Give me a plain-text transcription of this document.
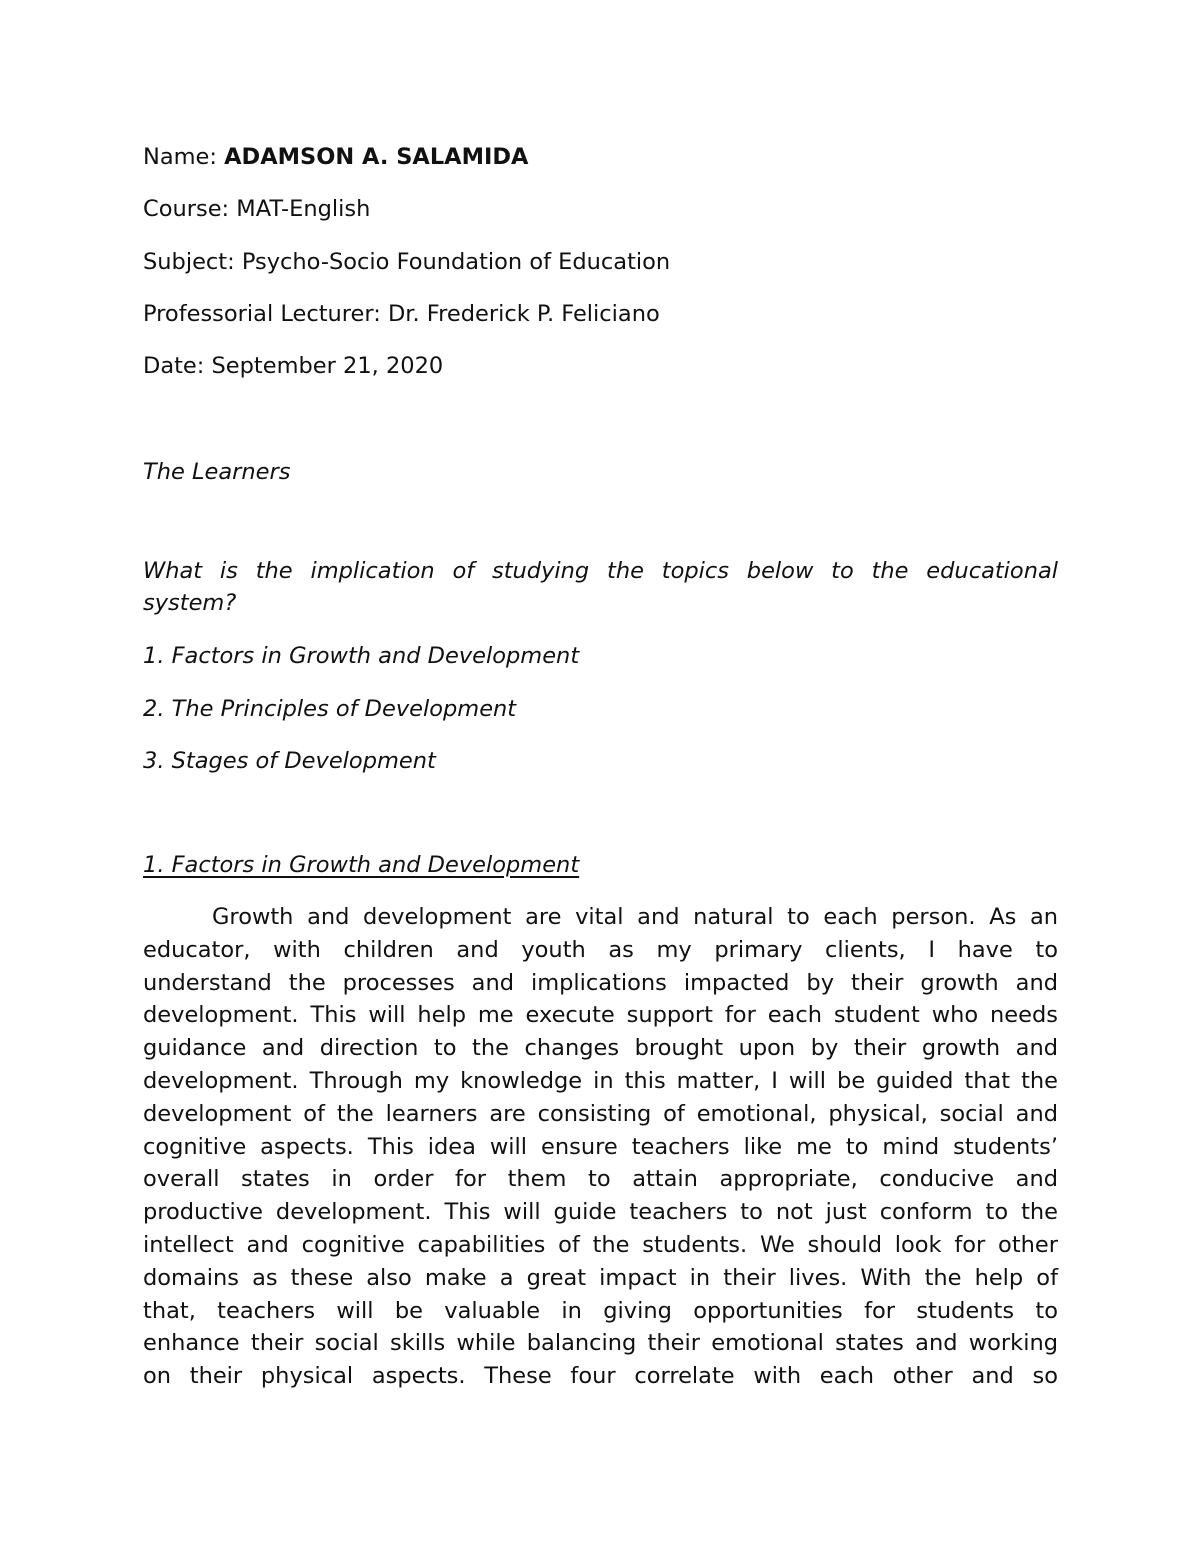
Name: ADAMSON A. SALAMIDA
Course: MAT-English
Subject: Psycho-Socio Foundation of Education
Professorial Lecturer: Dr. Frederick P. Feliciano
Date: September 21, 2020
The Learners
What is the implication of studying the topics below to the educational
system?
1. Factors in Growth and Development
2. The Principles of Development
3. Stages of Development
1. Factors in Growth and Development
Growth and development are vital and natural to each person. As an
educator, with children and youth as my primary clients, I have to
understand the processes and implications impacted by their growth and
development. This will help me execute support for each student who needs
guidance and direction to the changes brought upon by their growth and
development. Through my knowledge in this matter, I will be guided that the
development of the learners are consisting of emotional, physical, social and
cognitive aspects. This idea will ensure teachers like me to mind students’
overall states in order for them to attain appropriate, conducive and
productive development. This will guide teachers to not just conform to the
intellect and cognitive capabilities of the students. We should look for other
domains as these also make a great impact in their lives. With the help of
that, teachers will be valuable in giving opportunities for students to
enhance their social skills while balancing their emotional states and working
on their physical aspects. These four correlate with each other and so
